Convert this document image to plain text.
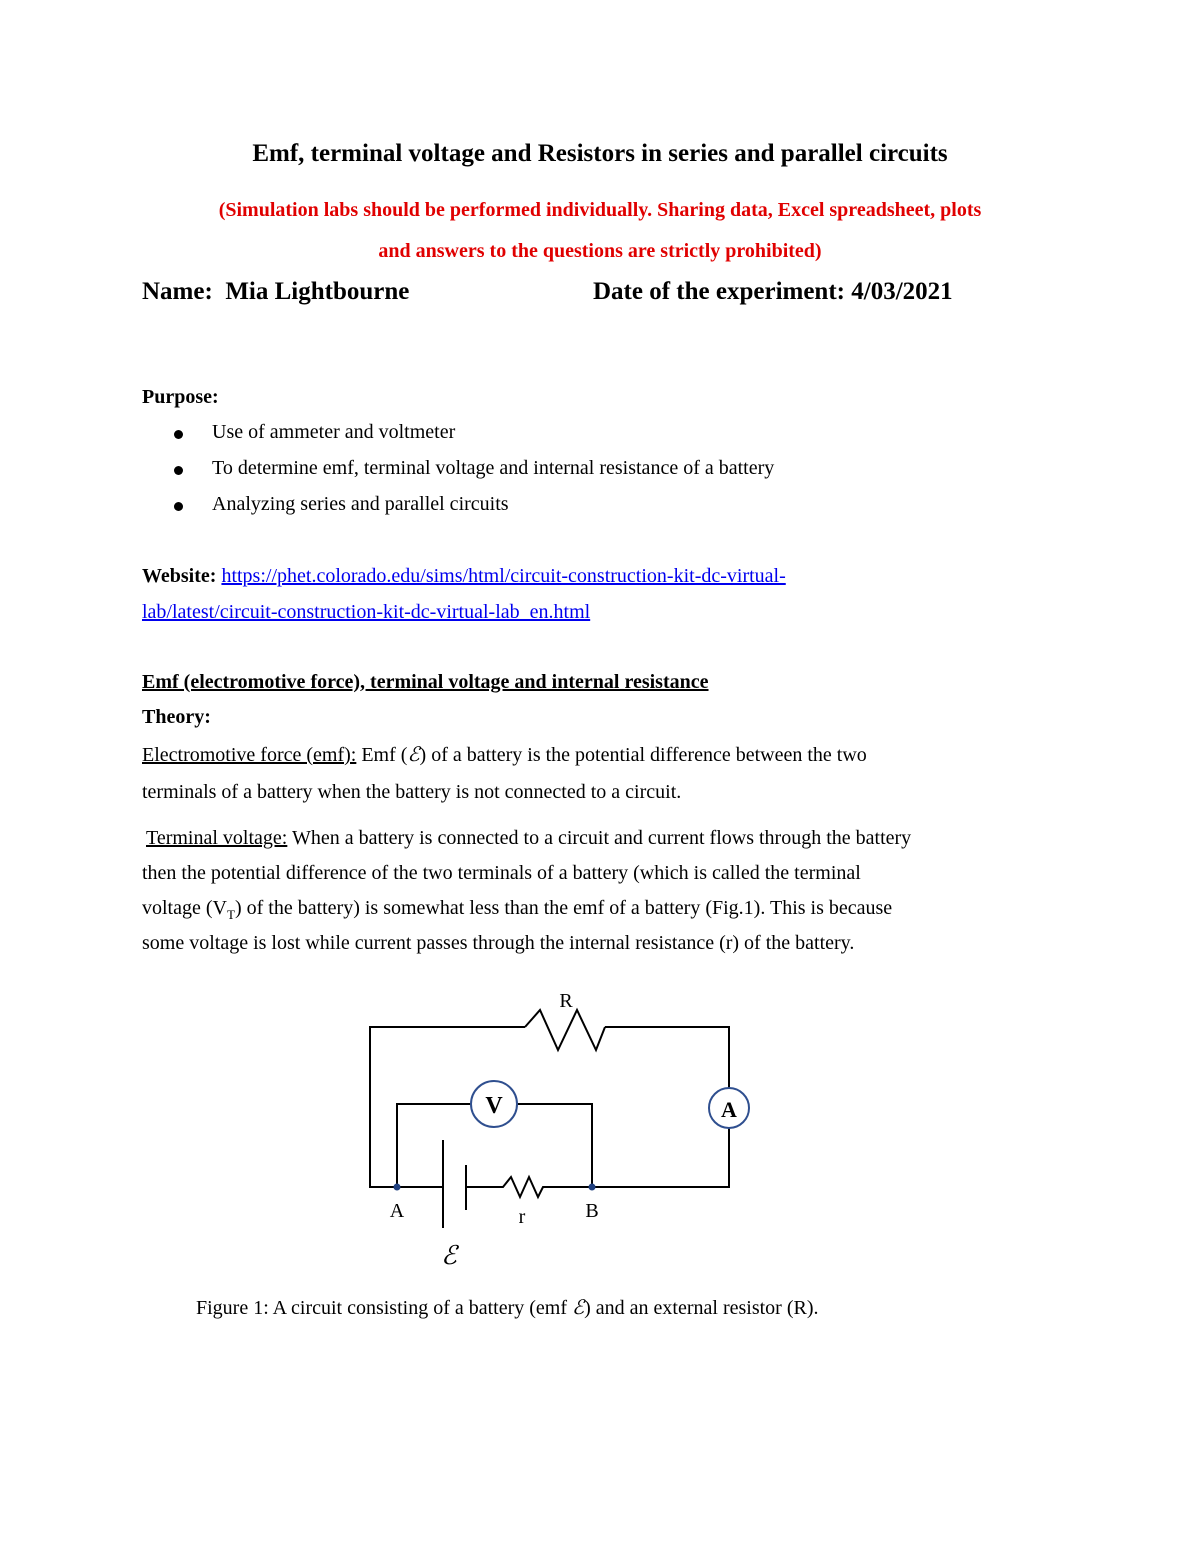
Emf, terminal voltage and Resistors in series and parallel circuits
(Simulation labs should be performed individually. Sharing data, Excel spreadsheet, plots
and answers to the questions are strictly prohibited)
Name: Mia Lightbourne	Date of the experiment: 4/03/2021
Purpose:
Use of ammeter and voltmeter
To determine emf, terminal voltage and internal resistance of a battery
Analyzing series and parallel circuits
Website: https://phet.colorado.edu/sims/html/circuit-construction-kit-dc-virtual-
lab/latest/circuit-construction-kit-dc-virtual-lab_en.html
Emf (electromotive force), terminal voltage and internal resistance
Theory:
Electromotive force (emf): Emf (ℰ) of a battery is the potential difference between the two
terminals of a battery when the battery is not connected to a circuit.
Terminal voltage: When a battery is connected to a circuit and current flows through the battery
then the potential difference of the two terminals of a battery (which is called the terminal
voltage $(V_T)$ of the battery) is somewhat less than the emf of a battery (Fig.1). This is because
some voltage is lost while current passes through the internal resistance (r) of the battery.
V	A
R
A	B
r
ℰ
Figure 1: A circuit consisting of a battery (emf ℰ) and an external resistor (R).
